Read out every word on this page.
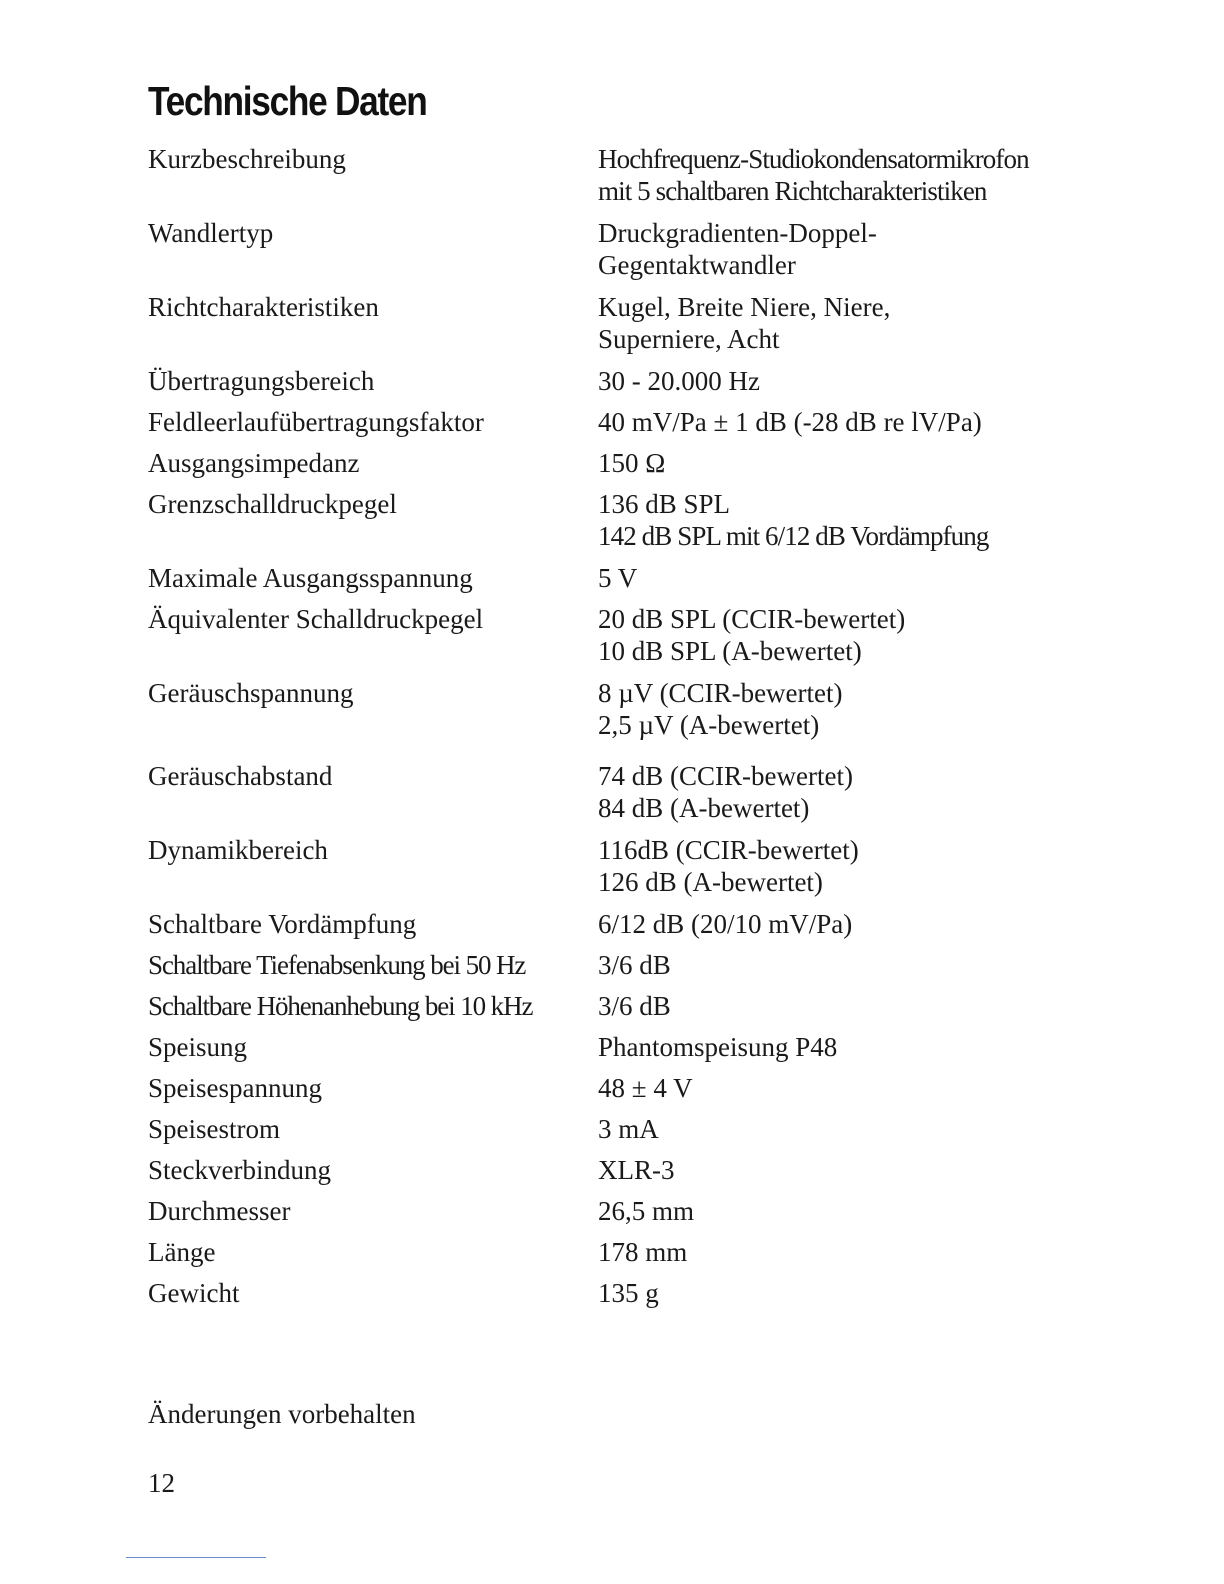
Technische Daten
Kurzbeschreibung	Hochfrequenz-Studiokondensatormikrofon
mit 5 schaltbaren Richtcharakteristiken
Wandlertyp	Druckgradienten-Doppel-
Gegentaktwandler
Richtcharakteristiken	Kugel, Breite Niere, Niere,
Superniere, Acht
Übertragungsbereich	30 - 20.000 Hz
Feldleerlaufübertragungsfaktor	40 mV/Pa ± 1 dB (-28 dB re lV/Pa)
Ausgangsimpedanz	150 Ω
Grenzschalldruckpegel	136 dB SPL
142 dB SPL mit 6/12 dB Vordämpfung
Maximale Ausgangsspannung	5 V
Äquivalenter Schalldruckpegel	20 dB SPL (CCIR-bewertet)
10 dB SPL (A-bewertet)
Geräuschspannung	8 µV (CCIR-bewertet)
2,5 µV (A-bewertet)
Geräuschabstand	74 dB (CCIR-bewertet)
84 dB (A-bewertet)
Dynamikbereich	116dB (CCIR-bewertet)
126 dB (A-bewertet)
Schaltbare Vordämpfung	6/12 dB (20/10 mV/Pa)
Schaltbare Tiefenabsenkung bei 50 Hz	3/6 dB
Schaltbare Höhenanhebung bei 10 kHz	3/6 dB
Speisung	Phantomspeisung P48
Speisespannung	48 ± 4 V
Speisestrom	3 mA
Steckverbindung	XLR-3
Durchmesser	26,5 mm
Länge	178 mm
Gewicht	135 g
Änderungen vorbehalten
12
